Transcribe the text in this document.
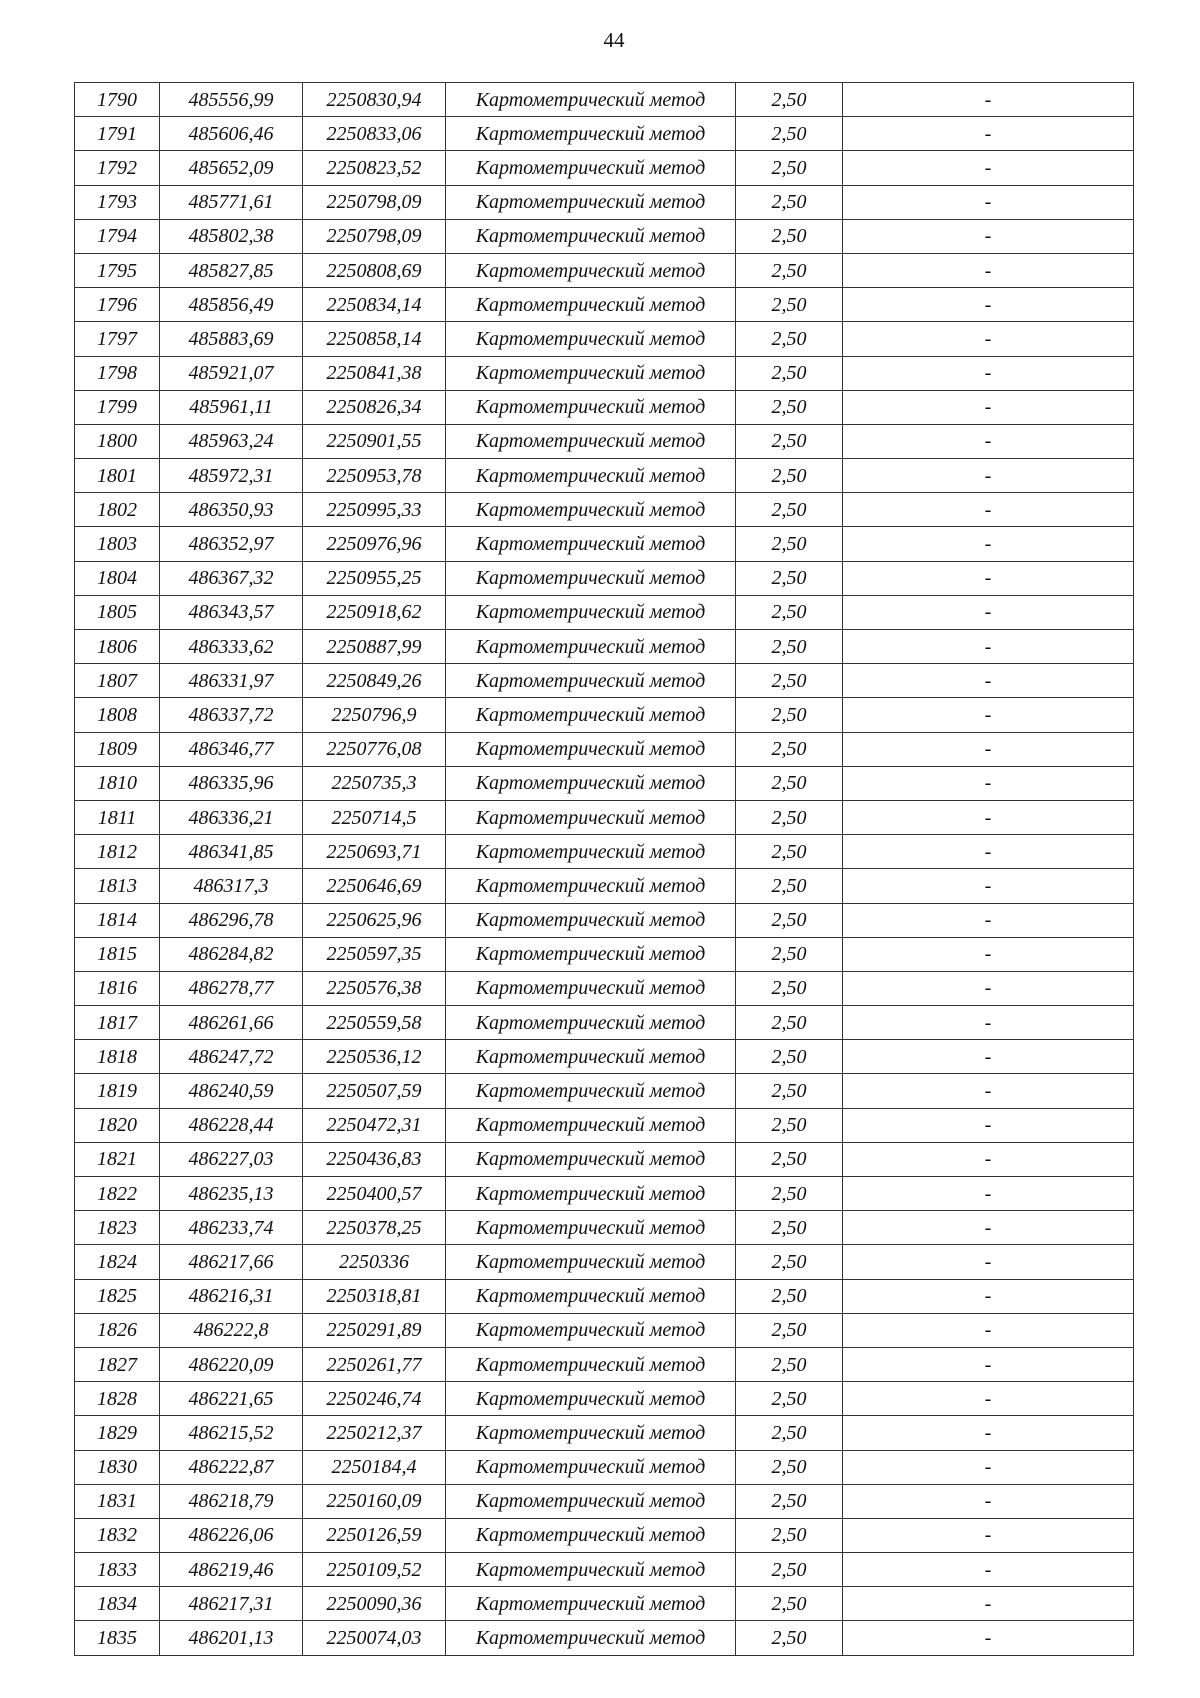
44
1790	485556,99	2250830,94	Картометрический метод	2,50	-
1791	485606,46	2250833,06	Картометрический метод	2,50	-
1792	485652,09	2250823,52	Картометрический метод	2,50	-
1793	485771,61	2250798,09	Картометрический метод	2,50	-
1794	485802,38	2250798,09	Картометрический метод	2,50	-
1795	485827,85	2250808,69	Картометрический метод	2,50	-
1796	485856,49	2250834,14	Картометрический метод	2,50	-
1797	485883,69	2250858,14	Картометрический метод	2,50	-
1798	485921,07	2250841,38	Картометрический метод	2,50	-
1799	485961,11	2250826,34	Картометрический метод	2,50	-
1800	485963,24	2250901,55	Картометрический метод	2,50	-
1801	485972,31	2250953,78	Картометрический метод	2,50	-
1802	486350,93	2250995,33	Картометрический метод	2,50	-
1803	486352,97	2250976,96	Картометрический метод	2,50	-
1804	486367,32	2250955,25	Картометрический метод	2,50	-
1805	486343,57	2250918,62	Картометрический метод	2,50	-
1806	486333,62	2250887,99	Картометрический метод	2,50	-
1807	486331,97	2250849,26	Картометрический метод	2,50	-
1808	486337,72	2250796,9	Картометрический метод	2,50	-
1809	486346,77	2250776,08	Картометрический метод	2,50	-
1810	486335,96	2250735,3	Картометрический метод	2,50	-
1811	486336,21	2250714,5	Картометрический метод	2,50	-
1812	486341,85	2250693,71	Картометрический метод	2,50	-
1813	486317,3	2250646,69	Картометрический метод	2,50	-
1814	486296,78	2250625,96	Картометрический метод	2,50	-
1815	486284,82	2250597,35	Картометрический метод	2,50	-
1816	486278,77	2250576,38	Картометрический метод	2,50	-
1817	486261,66	2250559,58	Картометрический метод	2,50	-
1818	486247,72	2250536,12	Картометрический метод	2,50	-
1819	486240,59	2250507,59	Картометрический метод	2,50	-
1820	486228,44	2250472,31	Картометрический метод	2,50	-
1821	486227,03	2250436,83	Картометрический метод	2,50	-
1822	486235,13	2250400,57	Картометрический метод	2,50	-
1823	486233,74	2250378,25	Картометрический метод	2,50	-
1824	486217,66	2250336	Картометрический метод	2,50	-
1825	486216,31	2250318,81	Картометрический метод	2,50	-
1826	486222,8	2250291,89	Картометрический метод	2,50	-
1827	486220,09	2250261,77	Картометрический метод	2,50	-
1828	486221,65	2250246,74	Картометрический метод	2,50	-
1829	486215,52	2250212,37	Картометрический метод	2,50	-
1830	486222,87	2250184,4	Картометрический метод	2,50	-
1831	486218,79	2250160,09	Картометрический метод	2,50	-
1832	486226,06	2250126,59	Картометрический метод	2,50	-
1833	486219,46	2250109,52	Картометрический метод	2,50	-
1834	486217,31	2250090,36	Картометрический метод	2,50	-
1835	486201,13	2250074,03	Картометрический метод	2,50	-
